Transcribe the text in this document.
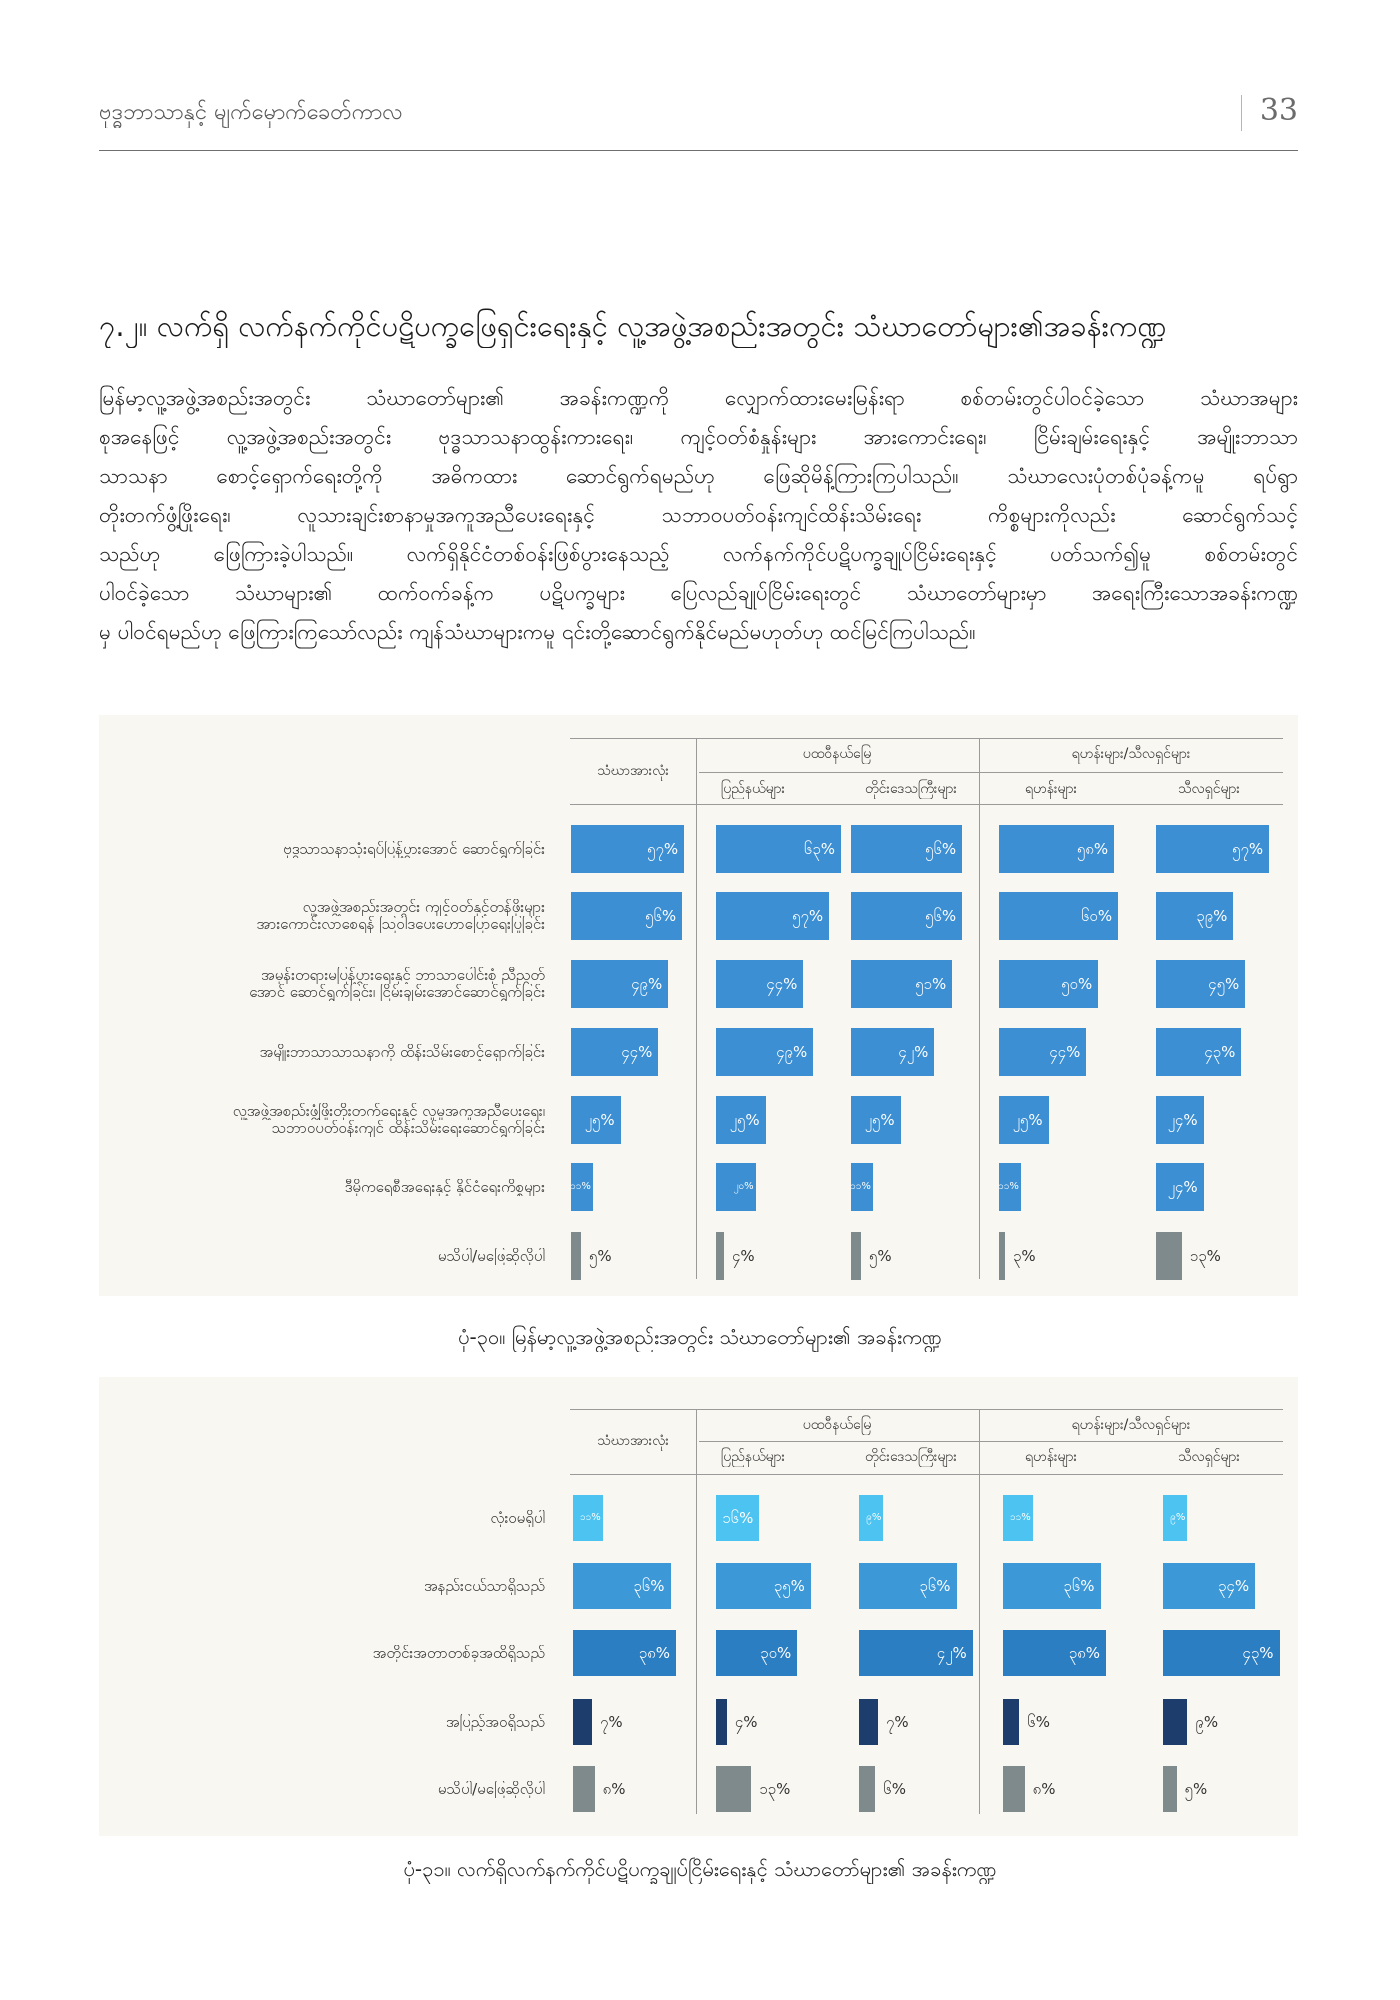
ဗုဒ္ဓဘာသာနှင့် မျက်မှောက်ခေတ်ကာလ	33
၇.၂။ လက်ရှိ လက်နက်ကိုင်ပဋိပက္ခဖြေရှင်းရေးနှင့် လူ့အဖွဲ့အစည်းအတွင်း သံဃာတော်များ၏အခန်းကဏ္ဍ
မြန်မာ့လူ့အဖွဲ့အစည်းအတွင်း သံဃာတော်များ၏ အခန်းကဏ္ဍကို လျှောက်ထားမေးမြန်းရာ စစ်တမ်းတွင်ပါဝင်ခဲ့သော သံဃာအများ
စုအနေဖြင့် လူ့အဖွဲ့အစည်းအတွင်း ဗုဒ္ဓသာသနာထွန်းကားရေး၊ ကျင့်ဝတ်စံနှုန်းများ အားကောင်းရေး၊ ငြိမ်းချမ်းရေးနှင့် အမျိုးဘာသာ
သာသနာ စောင့်ရှောက်ရေးတို့ကို အဓိကထား ဆောင်ရွက်ရမည်ဟု ဖြေဆိုမိန့်ကြားကြပါသည်။ သံဃာလေးပုံတစ်ပုံခန့်ကမူ ရပ်ရွာ
တိုးတက်ဖွံ့ဖြိုးရေး၊ လူသားချင်းစာနာမှုအကူအညီပေးရေးနှင့် သဘာဝပတ်ဝန်းကျင်ထိန်းသိမ်းရေး ကိစ္စများကိုလည်း ဆောင်ရွက်သင့်
သည်ဟု ဖြေကြားခဲ့ပါသည်။ လက်ရှိနိုင်ငံတစ်ဝန်းဖြစ်ပွားနေသည့် လက်နက်ကိုင်ပဋိပက္ခချုပ်ငြိမ်းရေးနှင့် ပတ်သက်၍မူ စစ်တမ်းတွင်
ပါဝင်ခဲ့သော သံဃာများ၏ ထက်ဝက်ခန့်က ပဋိပက္ခများ ပြေလည်ချုပ်ငြိမ်းရေးတွင် သံဃာတော်များမှာ အရေးကြီးသောအခန်းကဏ္ဍ
မှ ပါဝင်ရမည်ဟု ဖြေကြားကြသော်လည်း ကျန်သံဃာများကမူ ၎င်းတို့ဆောင်ရွက်နိုင်မည်မဟုတ်ဟု ထင်မြင်ကြပါသည်။
ပထဝီနယ်မြေ	ရဟန်းများ/သီလရှင်များ
သံဃာအားလုံး
ပြည်နယ်များ	တိုင်းဒေသကြီးများ	ရဟန်းများ	သီလရှင်များ
ဗုဒ္ဓသာသနာသုံးရပ်ပြန့်ပွားအောင် ဆောင်ရွက်ခြင်း	၅၇%	၆၃%	၅၆%	၅၈%	၅၇%
လူ့အဖွဲ့အစည်းအတွင်း ကျင့်ဝတ်နှင့်တန်ဖိုးများ
အားကောင်းလာစေရန် ဩဝါဒပေးဟောပြောရေးပြုခြင်း	၅၆%	၅၇%	၅၆%	၆၀%	၃၉%
အမုန်းတရားမပြန့်ပွားရေးနှင့် ဘာသာပေါင်းစုံ ညီညွတ်
အောင် ဆောင်ရွက်ခြင်း၊ ငြိမ်းချမ်းအောင်ဆောင်ရွက်ခြင်း	၄၉%	၄၄%	၅၁%	၅၀%	၄၅%
အမျိုးဘာသာသာသနာကို ထိန်းသိမ်းစောင့်ရှောက်ခြင်း	၄၄%	၄၉%	၄၂%	၄၄%	၄၃%
လူ့အဖွဲ့အစည်းဖွံ့ဖြိုးတိုးတက်ရေးနှင့် လူမှုအကူအညီပေးရေး၊
သဘာဝပတ်ဝန်းကျင် ထိန်းသိမ်းရေးဆောင်ရွက်ခြင်း	၂၅%	၂၅%	၂၅%	၂၅%	၂၄%
ဒီမိုကရေစီအရေးနှင့် နိုင်ငံရေးကိစ္စများ	၁၁%	၂၀%	၁၁%	၁၁%	၂၄%
မသိပါ/မဖြေဆိုလိုပါ	၅%	၄%	၅%	၃%	၁၃%
ပုံ-၃၀။ မြန်မာ့လူ့အဖွဲ့အစည်းအတွင်း သံဃာတော်များ၏ အခန်းကဏ္ဍ
ပထဝီနယ်မြေ	ရဟန်းများ/သီလရှင်များ
သံဃာအားလုံး
ပြည်နယ်များ	တိုင်းဒေသကြီးများ	ရဟန်းများ	သီလရှင်များ
လုံးဝမရှိပါ	၁၁%	၁၆%	၉%	၁၁%	၉%
အနည်းငယ်သာရှိသည်	၃၆%	၃၅%	၃၆%	၃၆%	၃၄%
အတိုင်းအတာတစ်ခုအထိရှိသည်	၃၈%	၃၀%	၄၂%	၃၈%	၄၃%
အပြည့်အဝရှိသည်	၇%	၄%	၇%	၆%	၉%
မသိပါ/မဖြေဆိုလိုပါ	၈%	၁၃%	၆%	၈%	၅%
ပုံ-၃၁။ လက်ရှိလက်နက်ကိုင်ပဋိပက္ခချုပ်ငြိမ်းရေးနှင့် သံဃာတော်များ၏ အခန်းကဏ္ဍ
